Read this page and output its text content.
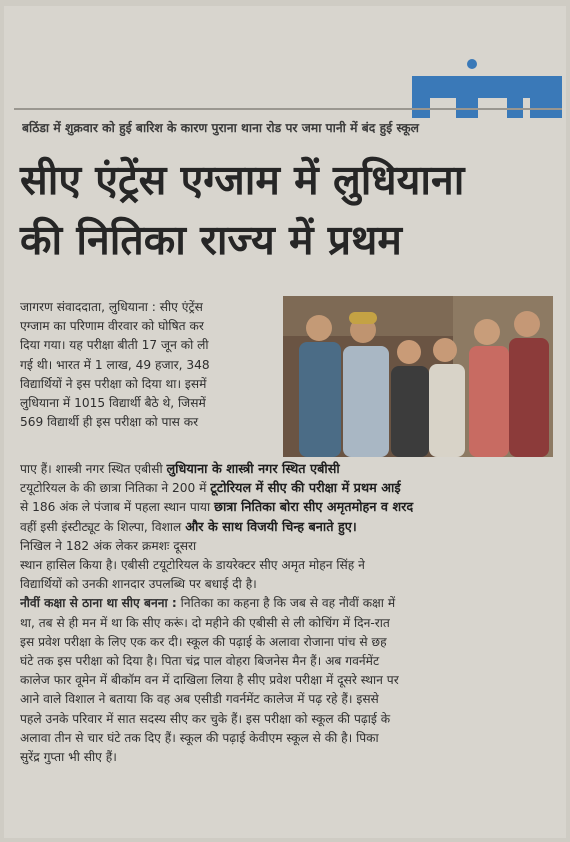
बठिंडा में शुक्रवार को हुई बारिश के कारण पुराना थाना रोड पर जमा पानी में बंद हुई स्कूल
सीए एंट्रेंस एग्जाम में लुधियाना
की नितिका राज्य में प्रथम
जागरण संवाददाता, लुधियाना : सीए एंट्रेंस
एग्जाम का परिणाम वीरवार को घोषित कर
दिया गया। यह परीक्षा बीती 17 जून को ली
गई थी। भारत में 1 लाख, 49 हजार, 348
विद्यार्थियों ने इस परीक्षा को दिया था। इसमें
लुधियाना में 1015 विद्यार्थी बैठे थे, जिसमें
569 विद्यार्थी ही इस परीक्षा को पास कर
पाए हैं। शास्त्री नगर स्थित एबीसी लुधियाना के शास्त्री नगर स्थित एबीसी
टयूटोरियल के की छात्रा नितिका ने 200 में टूटोरियल में सीए की परीक्षा में प्रथम आई
से 186 अंक ले पंजाब में पहला स्थान पाया छात्रा नितिका बोरा सीए अमृतमोहन व शरद
वहीं इसी इंस्टीट्यूट के शिल्पा, विशाल और के साथ विजयी चिन्ह बनाते हुए।
निखिल ने 182 अंक लेकर क्रमशः दूसरा
स्थान हासिल किया है। एबीसी टयूटोरियल के डायरेक्टर सीए अमृत मोहन सिंह ने
विद्यार्थियों को उनकी शानदार उपलब्धि पर बधाई दी है।
नौवीं कक्षा से ठाना था सीए बनना : नितिका का कहना है कि जब से वह नौवीं कक्षा में
था, तब से ही मन में था कि सीए करूं। दो महीने की एबीसी से ली कोचिंग में दिन-रात
इस प्रवेश परीक्षा के लिए एक कर दी। स्कूल की पढ़ाई के अलावा रोजाना पांच से छह
घंटे तक इस परीक्षा को दिया है। पिता चंद्र पाल वोहरा बिजनेस मैन हैं। अब गवर्नमेंट
कालेज फार वूमेन में बीकॉम वन में दाखिला लिया है सीए प्रवेश परीक्षा में दूसरे स्थान पर
आने वाले विशाल ने बताया कि वह अब एसीडी गवर्नमेंट कालेज में पढ़ रहे हैं। इससे
पहले उनके परिवार में सात सदस्य सीए कर चुके हैं। इस परीक्षा को स्कूल की पढ़ाई के
अलावा तीन से चार घंटे तक दिए हैं। स्कूल की पढ़ाई केवीएम स्कूल से की है। पिका
सुरेंद्र गुप्ता भी सीए हैं।
